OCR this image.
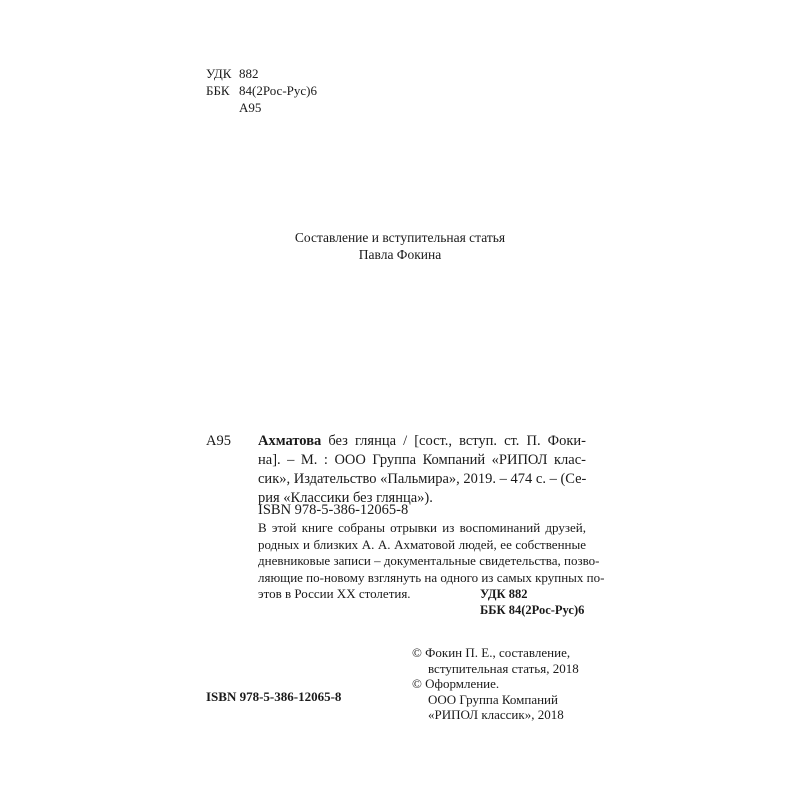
УДК 882
ББК 84(2Рос-Рус)6
А95
Составление и вступительная статья
Павла Фокина
А95 Ахматова без глянца / [сост., вступ. ст. П. Фоки-
на]. – М. : ООО Группа Компаний «РИПОЛ клас-
сик», Издательство «Пальмира», 2019. – 474 с. – (Се-
рия «Классики без глянца»).
ISBN 978-5-386-12065-8
В этой книге собраны отрывки из воспоминаний друзей,
родных и близких А. А. Ахматовой людей, ее собственные
дневниковые записи – документальные свидетельства, позво-
ляющие по-новому взглянуть на одного из самых крупных по-
этов в России XX столетия.	УДК 882
ББК 84(2Рос-Рус)6
© Фокин П. Е., составление,
вступительная статья, 2018
© Оформление.
ООО Группа Компаний
«РИПОЛ классик», 2018
ISBN 978-5-386-12065-8
